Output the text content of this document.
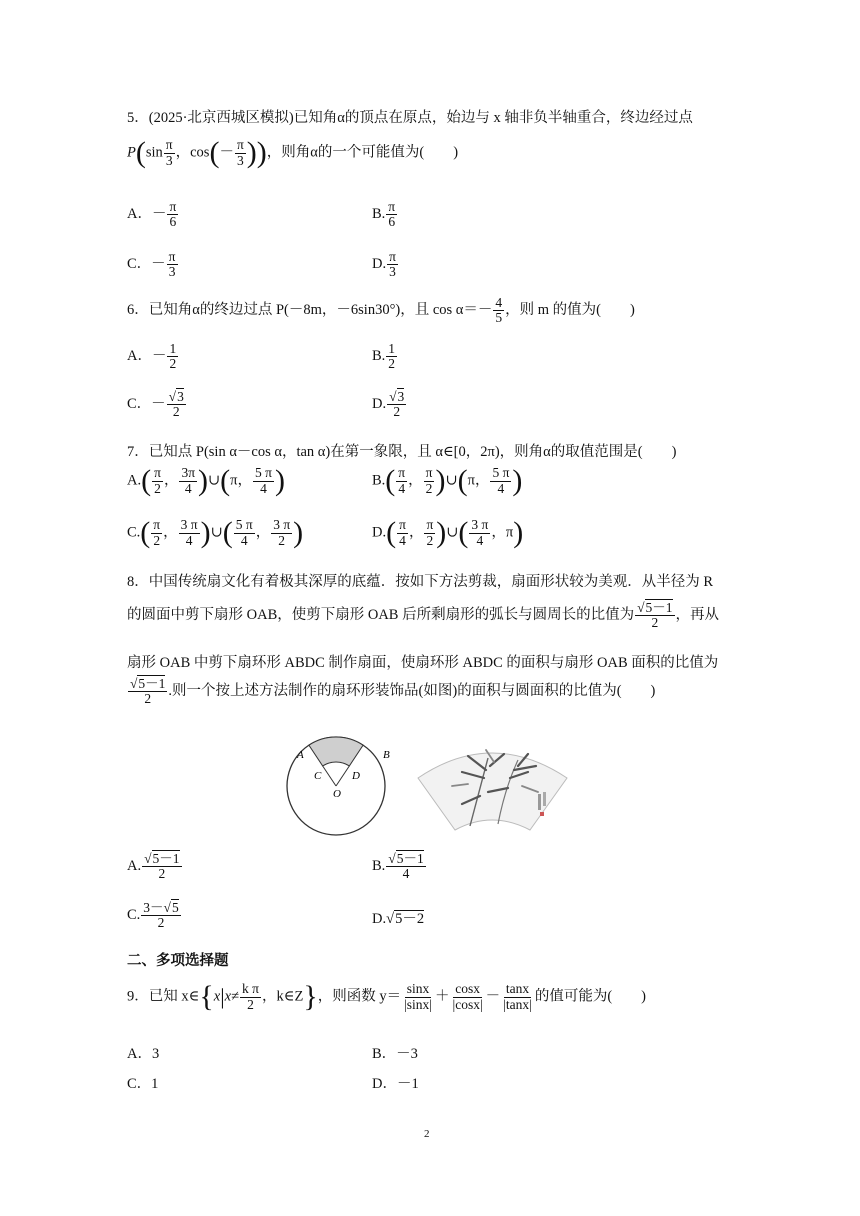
5．(2025·北京西城区模拟)已知角α的顶点在原点，始边与 x 轴非负半轴重合，终边经过点
$P(\sin \frac{\pi}{3}$ ，$\cos(- \frac{\pi}{3}$ ))，则角α的一个可能值为(　　)
A．－ $\frac{\pi}{6}$	B. $\frac{\pi}{6}$
C．－ $\frac{\pi}{3}$	D. $\frac{\pi}{3}$
6．已知角α的终边过点 P(－8m，－6sin30°)，且 $\cos \alpha=- \frac{4}{5}$ ，则 m 的值为(　　)
A．－ $\frac{1}{2}$	B. $\frac{1}{2}$
C．－ $\frac{√3}{2}$	D. $\frac{√3}{2}$
7．已知点 P(sin α－cos α，tan α)在第一象限，且 α∈[0，2π)，则角α的取值范围是(　　)
$A.( \frac{\pi}{2}$ ， $\frac{3\pi}{4}$ )∪(π， $\frac{5 \pi}{4}$ )	$B.( \frac{\pi}{4}$ ， $\frac{\pi}{2}$ )∪(π， $\frac{5 \pi}{4}$ )
$C.( \frac{\pi}{2}$ ， $\frac{3 \pi}{4}$ )∪( $\frac{5 \pi}{4}$ ， $\frac{3 \pi}{2}$ )	$D.( \frac{\pi}{4}$ ， $\frac{\pi}{2}$ )∪( $\frac{3 \pi}{4}$ ，π)
8．中国传统扇文化有着极其深厚的底蕴．按如下方法剪裁，扇面形状较为美观．从半径为 R
的圆面中剪下扇形 OAB，使剪下扇形 OAB 后所剩扇形的弧长与圆周长的比值为 $\frac{√5-1}{2}$ ，再从
扇形 OAB 中剪下扇环形 ABDC 制作扇面，使扇环形 ABDC 的面积与扇形 OAB 面积的比值为
$\frac{√5-1}{2}$ .则一个按上述方法制作的扇环形装饰品(如图)的面积与圆面积的比值为(　　)
A	B
C	D
O
A. $\frac{√5-1}{2}$	B. $\frac{√5-1}{4}$
C. $\frac{3-√5}{2}$	D.√5－2
二、多项选择题
9．已知 x∈{x|x≠ $\frac{\text{k π}}{2}$ ，k∈Z}，则函数 $y= \frac{\sin x}{|\sin x|} + \frac{\cos x}{|\cos x|} - \frac{\tan x}{|\tan x|}$ 的值可能为(　　)
A．3	B．－3
C．1	D．－1
2
